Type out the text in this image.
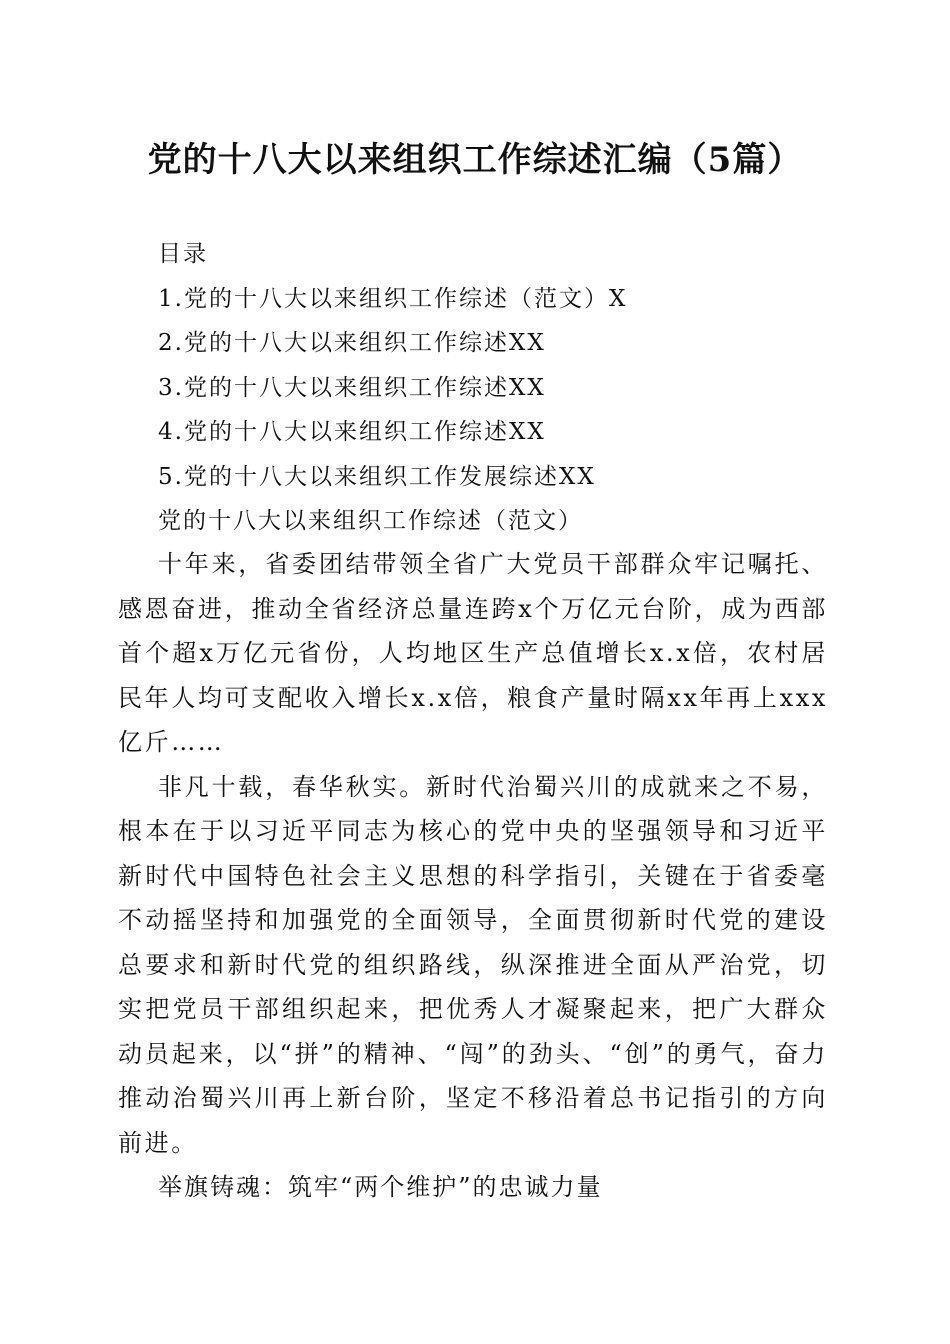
党的十八大以来组织工作综述汇编（5篇）
目录
1.党的十八大以来组织工作综述（范文）X
2.党的十八大以来组织工作综述XX
3.党的十八大以来组织工作综述XX
4.党的十八大以来组织工作综述XX
5.党的十八大以来组织工作发展综述XX
党的十八大以来组织工作综述（范文）

十年来，省委团结带领全省广大党员干部群众牢记嘱托、感恩奋进，推动全省经济总量连跨x个万亿元台阶，成为西部首个超x万亿元省份，人均地区生产总值增长x.x倍，农村居民年人均可支配收入增长x.x倍，粮食产量时隔xx年再上xxx亿斤……

非凡十载，春华秋实。新时代治蜀兴川的成就来之不易，根本在于以习近平同志为核心的党中央的坚强领导和习近平新时代中国特色社会主义思想的科学指引，关键在于省委毫不动摇坚持和加强党的全面领导，全面贯彻新时代党的建设总要求和新时代党的组织路线，纵深推进全面从严治党，切实把党员干部组织起来，把优秀人才凝聚起来，把广大群众动员起来，以“拼”的精神、“闯”的劲头、“创”的勇气，奋力推动治蜀兴川再上新台阶，坚定不移沿着总书记指引的方向前进。

举旗铸魂：筑牢“两个维护”的忠诚力量
